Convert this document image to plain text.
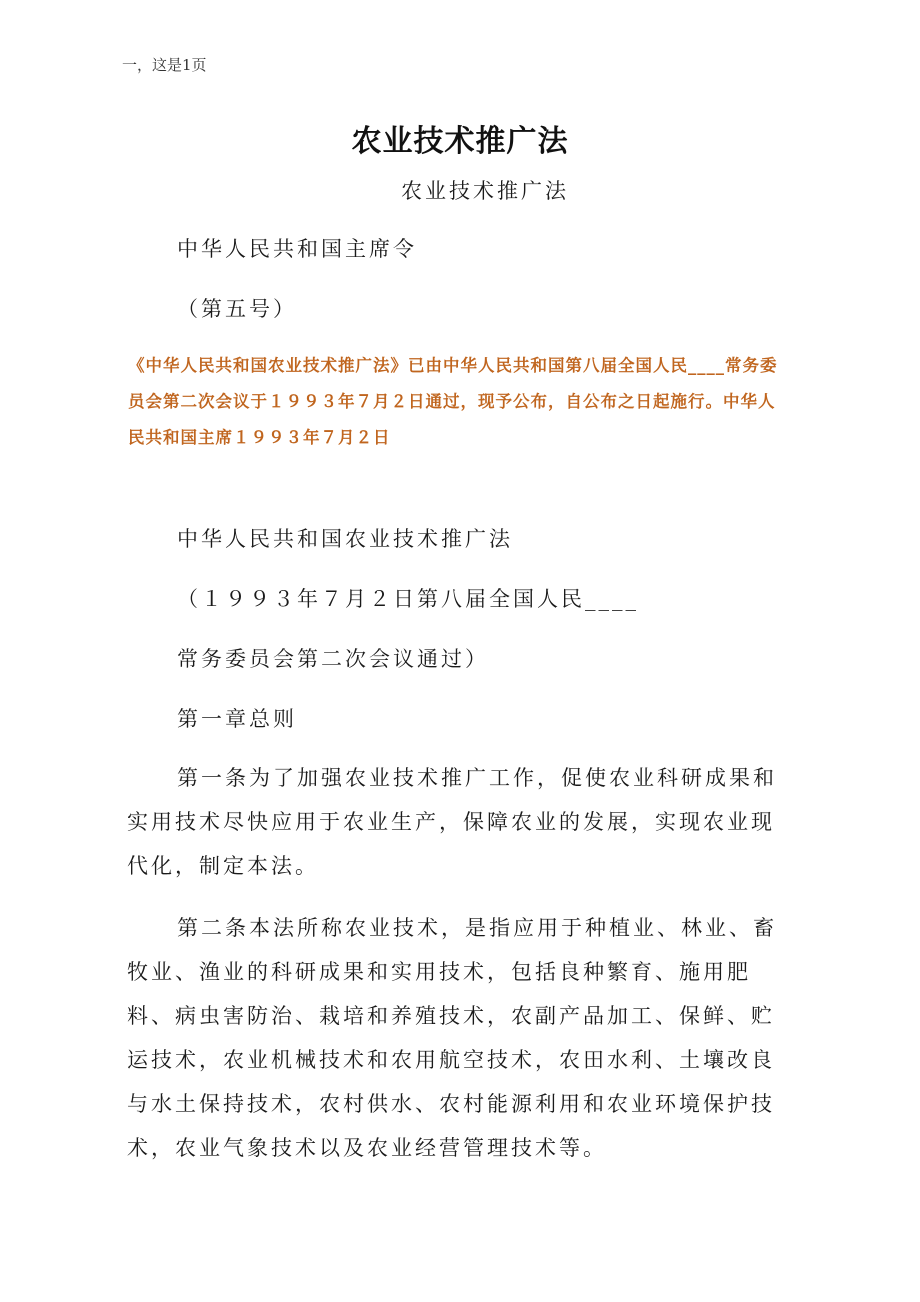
一，这是1页
农业技术推广法
农业技术推广法
中华人民共和国主席令
（第五号）
《中华人民共和国农业技术推广法》已由中华人民共和国第八届全国人民____常务委员会第二次会议于１９９３年７月２日通过，现予公布，自公布之日起施行。中华人民共和国主席１９９３年７月２日
中华人民共和国农业技术推广法
（１９９３年７月２日第八届全国人民____
常务委员会第二次会议通过）
第一章总则
第一条为了加强农业技术推广工作，促使农业科研成果和实用技术尽快应用于农业生产，保障农业的发展，实现农业现代化，制定本法。
第二条本法所称农业技术，是指应用于种植业、林业、畜牧业、渔业的科研成果和实用技术，包括良种繁育、施用肥料、病虫害防治、栽培和养殖技术，农副产品加工、保鲜、贮运技术，农业机械技术和农用航空技术，农田水利、土壤改良与水土保持技术，农村供水、农村能源利用和农业环境保护技术，农业气象技术以及农业经营管理技术等。
